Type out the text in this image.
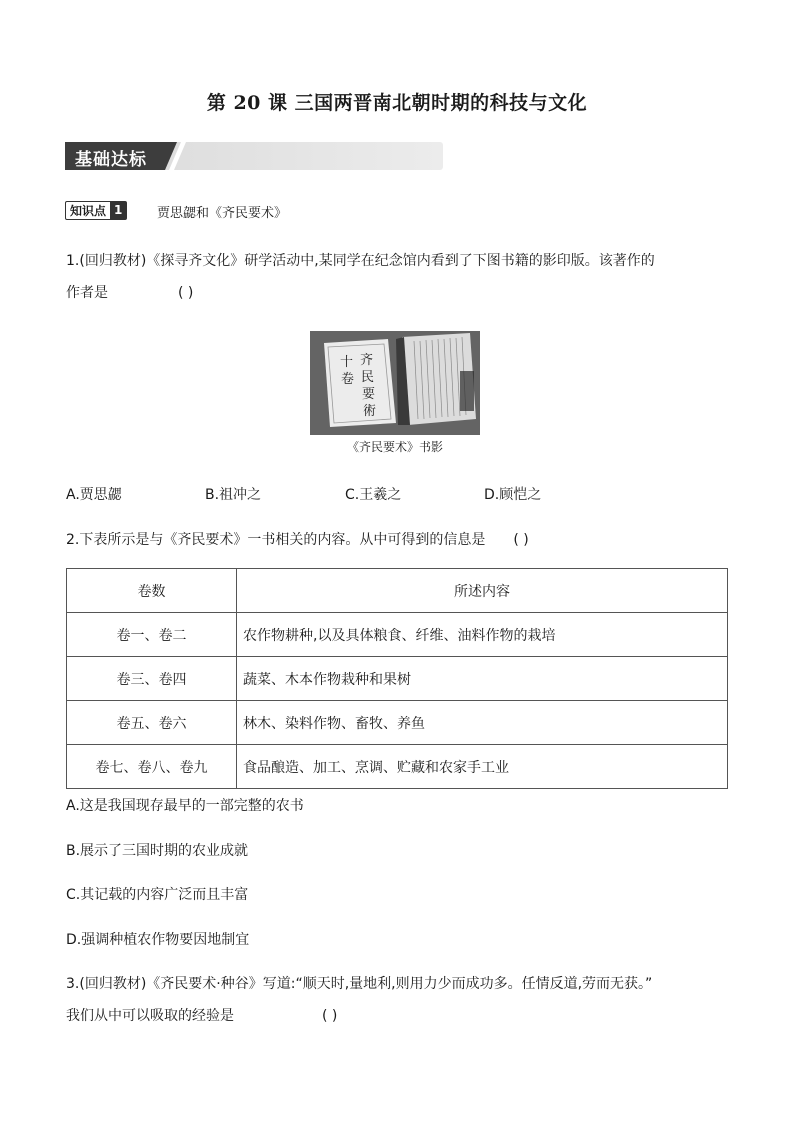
第 20 课 三国两晋南北朝时期的科技与文化
基础达标
知识点 1	贾思勰和《齐民要术》
1.(回归教材)《探寻齐文化》研学活动中,某同学在纪念馆内看到了下图书籍的影印版。该著作的
作者是	( )
齐
民
要
術
十
卷
《齐民要术》书影
A.贾思勰	B.祖冲之	C.王羲之	D.顾恺之
2.下表所示是与《齐民要术》一书相关的内容。从中可得到的信息是 ( )
卷数	所述内容
卷一、卷二	农作物耕种,以及具体粮食、纤维、油料作物的栽培
卷三、卷四	蔬菜、木本作物栽种和果树
卷五、卷六	林木、染料作物、畜牧、养鱼
卷七、卷八、卷九	食品酿造、加工、烹调、贮藏和农家手工业
A.这是我国现存最早的一部完整的农书
B.展示了三国时期的农业成就
C.其记载的内容广泛而且丰富
D.强调种植农作物要因地制宜
3.(回归教材)《齐民要术·种谷》写道:“顺天时,量地利,则用力少而成功多。任情反道,劳而无获。”
我们从中可以吸取的经验是	( )
